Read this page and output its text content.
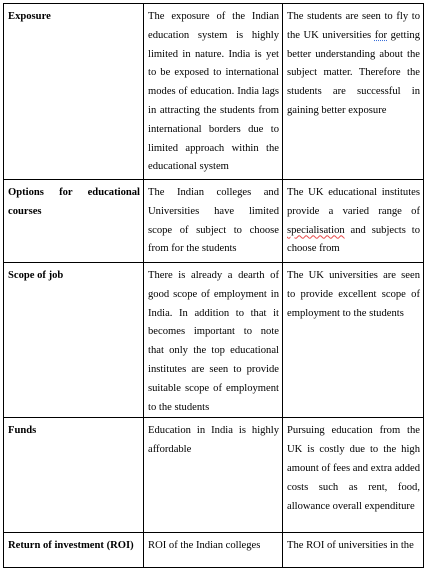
Exposure	The exposure of the Indian education system is highly limited in nature. India is yet to be exposed to international modes of education. India lags in attracting the students from international borders due to limited approach within the educational system	The students are seen to fly to the UK universities for getting better understanding about the subject matter. Therefore the students are successful in gaining better exposure
Options for educational courses	The Indian colleges and Universities have limited scope of subject to choose from for the students	The UK educational institutes provide a varied range of specialisation and subjects to choose from
Scope of job	There is already a dearth of good scope of employment in India. In addition to that it becomes important to note that only the top educational institutes are seen to provide suitable scope of employment to the students	The UK universities are seen to provide excellent scope of employment to the students
Funds	Education in India is highly affordable	Pursuing education from the UK is costly due to the high amount of fees and extra added costs such as rent, food, allowance overall expenditure
Return of investment (ROI)	ROI of the Indian colleges	The ROI of universities in the
